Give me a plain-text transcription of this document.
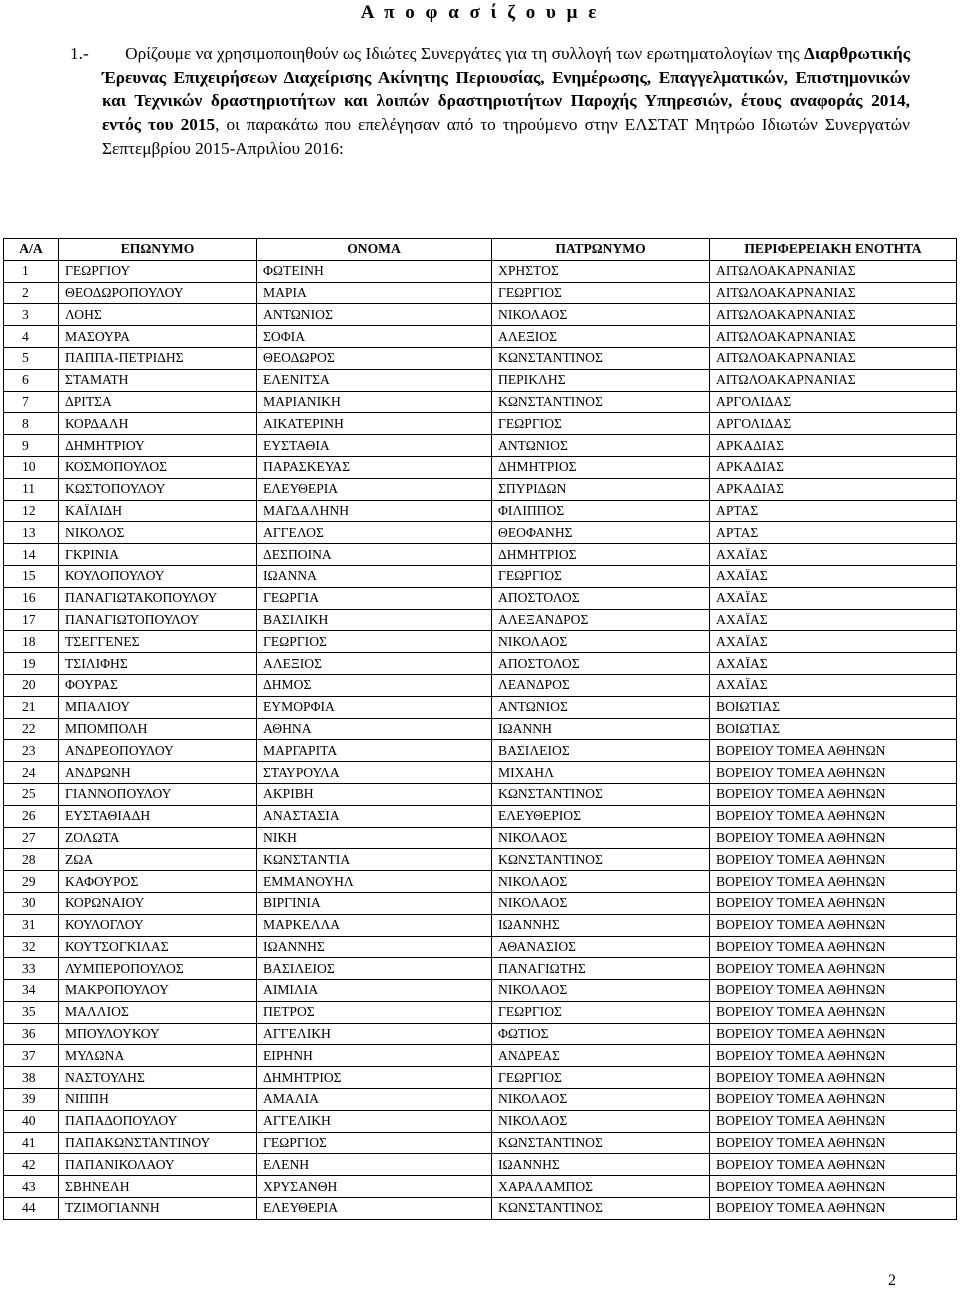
Α π ο φ α σ ί ζ ο υ μ ε
1.- Ορίζουμε να χρησιμοποιηθούν ως Ιδιώτες Συνεργάτες για τη συλλογή των ερωτηματολογίων της Διαρθρωτικής Έρευνας Επιχειρήσεων Διαχείρισης Ακίνητης Περιουσίας, Ενημέρωσης, Επαγγελματικών, Επιστημονικών και Τεχνικών δραστηριοτήτων και λοιπών δραστηριοτήτων Παροχής Υπηρεσιών, έτους αναφοράς 2014, εντός του 2015, οι παρακάτω που επελέγησαν από το τηρούμενο στην ΕΛΣΤΑΤ Μητρώο Ιδιωτών Συνεργατών Σεπτεμβρίου 2015-Απριλίου 2016:
Α/Α	ΕΠΩΝΥΜΟ	ΟΝΟΜΑ	ΠΑΤΡΩΝΥΜΟ	ΠΕΡΙΦΕΡΕΙΑΚΗ ΕΝΟΤΗΤΑ
1	ΓΕΩΡΓΙΟΥ	ΦΩΤΕΙΝΗ	ΧΡΗΣΤΟΣ	ΑΙΤΩΛΟΑΚΑΡΝΑΝΙΑΣ
2	ΘΕΟΔΩΡΟΠΟΥΛΟΥ	ΜΑΡΙΑ	ΓΕΩΡΓΙΟΣ	ΑΙΤΩΛΟΑΚΑΡΝΑΝΙΑΣ
3	ΛΟΗΣ	ΑΝΤΩΝΙΟΣ	ΝΙΚΟΛΑΟΣ	ΑΙΤΩΛΟΑΚΑΡΝΑΝΙΑΣ
4	ΜΑΣΟΥΡΑ	ΣΟΦΙΑ	ΑΛΕΞΙΟΣ	ΑΙΤΩΛΟΑΚΑΡΝΑΝΙΑΣ
5	ΠΑΠΠΑ-ΠΕΤΡΙΔΗΣ	ΘΕΟΔΩΡΟΣ	ΚΩΝΣΤΑΝΤΙΝΟΣ	ΑΙΤΩΛΟΑΚΑΡΝΑΝΙΑΣ
6	ΣΤΑΜΑΤΗ	ΕΛΕΝΙΤΣΑ	ΠΕΡΙΚΛΗΣ	ΑΙΤΩΛΟΑΚΑΡΝΑΝΙΑΣ
7	ΔΡΙΤΣΑ	ΜΑΡΙΑΝΙΚΗ	ΚΩΝΣΤΑΝΤΙΝΟΣ	ΑΡΓΟΛΙΔΑΣ
8	ΚΟΡΔΑΛΗ	ΑΙΚΑΤΕΡΙΝΗ	ΓΕΩΡΓΙΟΣ	ΑΡΓΟΛΙΔΑΣ
9	ΔΗΜΗΤΡΙΟΥ	ΕΥΣΤΑΘΙΑ	ΑΝΤΩΝΙΟΣ	ΑΡΚΑΔΙΑΣ
10	ΚΟΣΜΟΠΟΥΛΟΣ	ΠΑΡΑΣΚΕΥΑΣ	ΔΗΜΗΤΡΙΟΣ	ΑΡΚΑΔΙΑΣ
11	ΚΩΣΤΟΠΟΥΛΟΥ	ΕΛΕΥΘΕΡΙΑ	ΣΠΥΡΙΔΩΝ	ΑΡΚΑΔΙΑΣ
12	ΚΑΪΛΙΔΗ	ΜΑΓΔΑΛΗΝΗ	ΦΙΛΙΠΠΟΣ	ΑΡΤΑΣ
13	ΝΙΚΟΛΟΣ	ΑΓΓΕΛΟΣ	ΘΕΟΦΑΝΗΣ	ΑΡΤΑΣ
14	ΓΚΡΙΝΙΑ	ΔΕΣΠΟΙΝΑ	ΔΗΜΗΤΡΙΟΣ	ΑΧΑΪΑΣ
15	ΚΟΥΛΟΠΟΥΛΟΥ	ΙΩΑΝΝΑ	ΓΕΩΡΓΙΟΣ	ΑΧΑΪΑΣ
16	ΠΑΝΑΓΙΩΤΑΚΟΠΟΥΛΟΥ	ΓΕΩΡΓΙΑ	ΑΠΟΣΤΟΛΟΣ	ΑΧΑΪΑΣ
17	ΠΑΝΑΓΙΩΤΟΠΟΥΛΟΥ	ΒΑΣΙΛΙΚΗ	ΑΛΕΞΑΝΔΡΟΣ	ΑΧΑΪΑΣ
18	ΤΣΕΓΓΕΝΕΣ	ΓΕΩΡΓΙΟΣ	ΝΙΚΟΛΑΟΣ	ΑΧΑΪΑΣ
19	ΤΣΙΛΙΦΗΣ	ΑΛΕΞΙΟΣ	ΑΠΟΣΤΟΛΟΣ	ΑΧΑΪΑΣ
20	ΦΟΥΡΑΣ	ΔΗΜΟΣ	ΛΕΑΝΔΡΟΣ	ΑΧΑΪΑΣ
21	ΜΠΑΛΙΟΥ	ΕΥΜΟΡΦΙΑ	ΑΝΤΩΝΙΟΣ	ΒΟΙΩΤΙΑΣ
22	ΜΠΟΜΠΟΛΗ	ΑΘΗΝΑ	ΙΩΑΝΝΗ	ΒΟΙΩΤΙΑΣ
23	ΑΝΔΡΕΟΠΟΥΛΟΥ	ΜΑΡΓΑΡΙΤΑ	ΒΑΣΙΛΕΙΟΣ	ΒΟΡΕΙΟΥ ΤΟΜΕΑ ΑΘΗΝΩΝ
24	ΑΝΔΡΩΝΗ	ΣΤΑΥΡΟΥΛΑ	ΜΙΧΑΗΛ	ΒΟΡΕΙΟΥ ΤΟΜΕΑ ΑΘΗΝΩΝ
25	ΓΙΑΝΝΟΠΟΥΛΟΥ	ΑΚΡΙΒΗ	ΚΩΝΣΤΑΝΤΙΝΟΣ	ΒΟΡΕΙΟΥ ΤΟΜΕΑ ΑΘΗΝΩΝ
26	ΕΥΣΤΑΘΙΑΔΗ	ΑΝΑΣΤΑΣΙΑ	ΕΛΕΥΘΕΡΙΟΣ	ΒΟΡΕΙΟΥ ΤΟΜΕΑ ΑΘΗΝΩΝ
27	ΖΟΛΩΤΑ	ΝΙΚΗ	ΝΙΚΟΛΑΟΣ	ΒΟΡΕΙΟΥ ΤΟΜΕΑ ΑΘΗΝΩΝ
28	ΖΩΑ	ΚΩΝΣΤΑΝΤΙΑ	ΚΩΝΣΤΑΝΤΙΝΟΣ	ΒΟΡΕΙΟΥ ΤΟΜΕΑ ΑΘΗΝΩΝ
29	ΚΑΦΟΥΡΟΣ	ΕΜΜΑΝΟΥΗΛ	ΝΙΚΟΛΑΟΣ	ΒΟΡΕΙΟΥ ΤΟΜΕΑ ΑΘΗΝΩΝ
30	ΚΟΡΩΝΑΙΟΥ	ΒΙΡΓΙΝΙΑ	ΝΙΚΟΛΑΟΣ	ΒΟΡΕΙΟΥ ΤΟΜΕΑ ΑΘΗΝΩΝ
31	ΚΟΥΛΟΓΛΟΥ	ΜΑΡΚΕΛΛΑ	ΙΩΑΝΝΗΣ	ΒΟΡΕΙΟΥ ΤΟΜΕΑ ΑΘΗΝΩΝ
32	ΚΟΥΤΣΟΓΚΙΛΑΣ	ΙΩΑΝΝΗΣ	ΑΘΑΝΑΣΙΟΣ	ΒΟΡΕΙΟΥ ΤΟΜΕΑ ΑΘΗΝΩΝ
33	ΛΥΜΠΕΡΟΠΟΥΛΟΣ	ΒΑΣΙΛΕΙΟΣ	ΠΑΝΑΓΙΩΤΗΣ	ΒΟΡΕΙΟΥ ΤΟΜΕΑ ΑΘΗΝΩΝ
34	ΜΑΚΡΟΠΟΥΛΟΥ	ΑΙΜΙΛΙΑ	ΝΙΚΟΛΑΟΣ	ΒΟΡΕΙΟΥ ΤΟΜΕΑ ΑΘΗΝΩΝ
35	ΜΑΛΛΙΟΣ	ΠΕΤΡΟΣ	ΓΕΩΡΓΙΟΣ	ΒΟΡΕΙΟΥ ΤΟΜΕΑ ΑΘΗΝΩΝ
36	ΜΠΟΥΛΟΥΚΟΥ	ΑΓΓΕΛΙΚΗ	ΦΩΤΙΟΣ	ΒΟΡΕΙΟΥ ΤΟΜΕΑ ΑΘΗΝΩΝ
37	ΜΥΛΩΝΑ	ΕΙΡΗΝΗ	ΑΝΔΡΕΑΣ	ΒΟΡΕΙΟΥ ΤΟΜΕΑ ΑΘΗΝΩΝ
38	ΝΑΣΤΟΥΛΗΣ	ΔΗΜΗΤΡΙΟΣ	ΓΕΩΡΓΙΟΣ	ΒΟΡΕΙΟΥ ΤΟΜΕΑ ΑΘΗΝΩΝ
39	ΝΙΠΠΗ	ΑΜΑΛΙΑ	ΝΙΚΟΛΑΟΣ	ΒΟΡΕΙΟΥ ΤΟΜΕΑ ΑΘΗΝΩΝ
40	ΠΑΠΑΔΟΠΟΥΛΟΥ	ΑΓΓΕΛΙΚΗ	ΝΙΚΟΛΑΟΣ	ΒΟΡΕΙΟΥ ΤΟΜΕΑ ΑΘΗΝΩΝ
41	ΠΑΠΑΚΩΝΣΤΑΝΤΙΝΟΥ	ΓΕΩΡΓΙΟΣ	ΚΩΝΣΤΑΝΤΙΝΟΣ	ΒΟΡΕΙΟΥ ΤΟΜΕΑ ΑΘΗΝΩΝ
42	ΠΑΠΑΝΙΚΟΛΑΟΥ	ΕΛΕΝΗ	ΙΩΑΝΝΗΣ	ΒΟΡΕΙΟΥ ΤΟΜΕΑ ΑΘΗΝΩΝ
43	ΣΒΗΝΕΛΗ	ΧΡΥΣΑΝΘΗ	ΧΑΡΑΛΑΜΠΟΣ	ΒΟΡΕΙΟΥ ΤΟΜΕΑ ΑΘΗΝΩΝ
44	ΤΖΙΜΟΓΙΑΝΝΗ	ΕΛΕΥΘΕΡΙΑ	ΚΩΝΣΤΑΝΤΙΝΟΣ	ΒΟΡΕΙΟΥ ΤΟΜΕΑ ΑΘΗΝΩΝ
2
